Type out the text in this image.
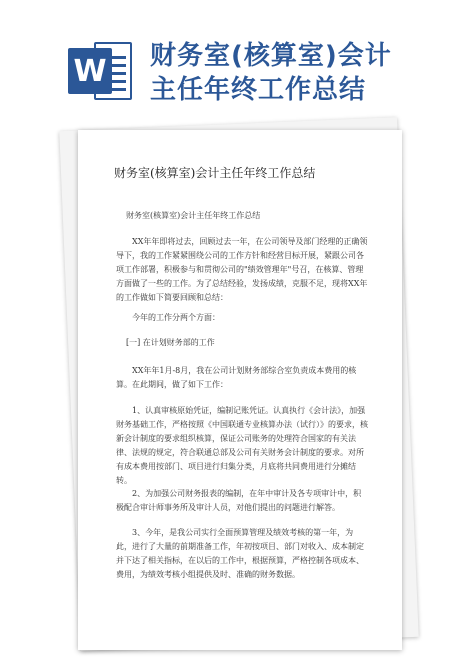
W 财务室(核算室)会计
主任年终工作总结
财务室(核算室)会计主任年终工作总结
财务室(核算室)会计主任年终工作总结
XX年年即将过去，回顾过去一年，在公司领导及部门经理的正确领导下，我的工作紧紧围绕公司的工作方针和经营目标开展，紧跟公司各项工作部署，积极参与和贯彻公司的"绩效管理年"号召，在核算、管理方面做了一些的工作。为了总结经验，发扬成绩，克服不足，现将XX年的工作做如下简要回顾和总结：
今年的工作分两个方面：
[一] 在计划财务部的工作
XX年年1月-8月，我在公司计划财务部综合室负责成本费用的核算。在此期间，做了如下工作：
1、认真审核原始凭证，编制记账凭证。认真执行《会计法》，加强财务基础工作，严格按照《中国联通专业核算办法（试行）》的要求，核新会计制度的要求组织核算，保证公司账务的处理符合国家的有关法律、法规的规定，符合联通总部及公司有关财务会计制度的要求。对所有成本费用按部门、项目进行归集分类，月底将共同费用进行分摊结转。
2、为加强公司财务报表的编制，在年中审计及各专项审计中，积极配合审计师事务所及审计人员，对他们提出的问题进行解答。
3、今年，是我公司实行全面预算管理及绩效考核的第一年，为此，进行了大量的前期准备工作，年初按项目、部门对收入、成本制定并下达了相关指标，在以后的工作中，根据预算，严格控制各项成本、费用，为绩效考核小组提供及时、准确的财务数据。
